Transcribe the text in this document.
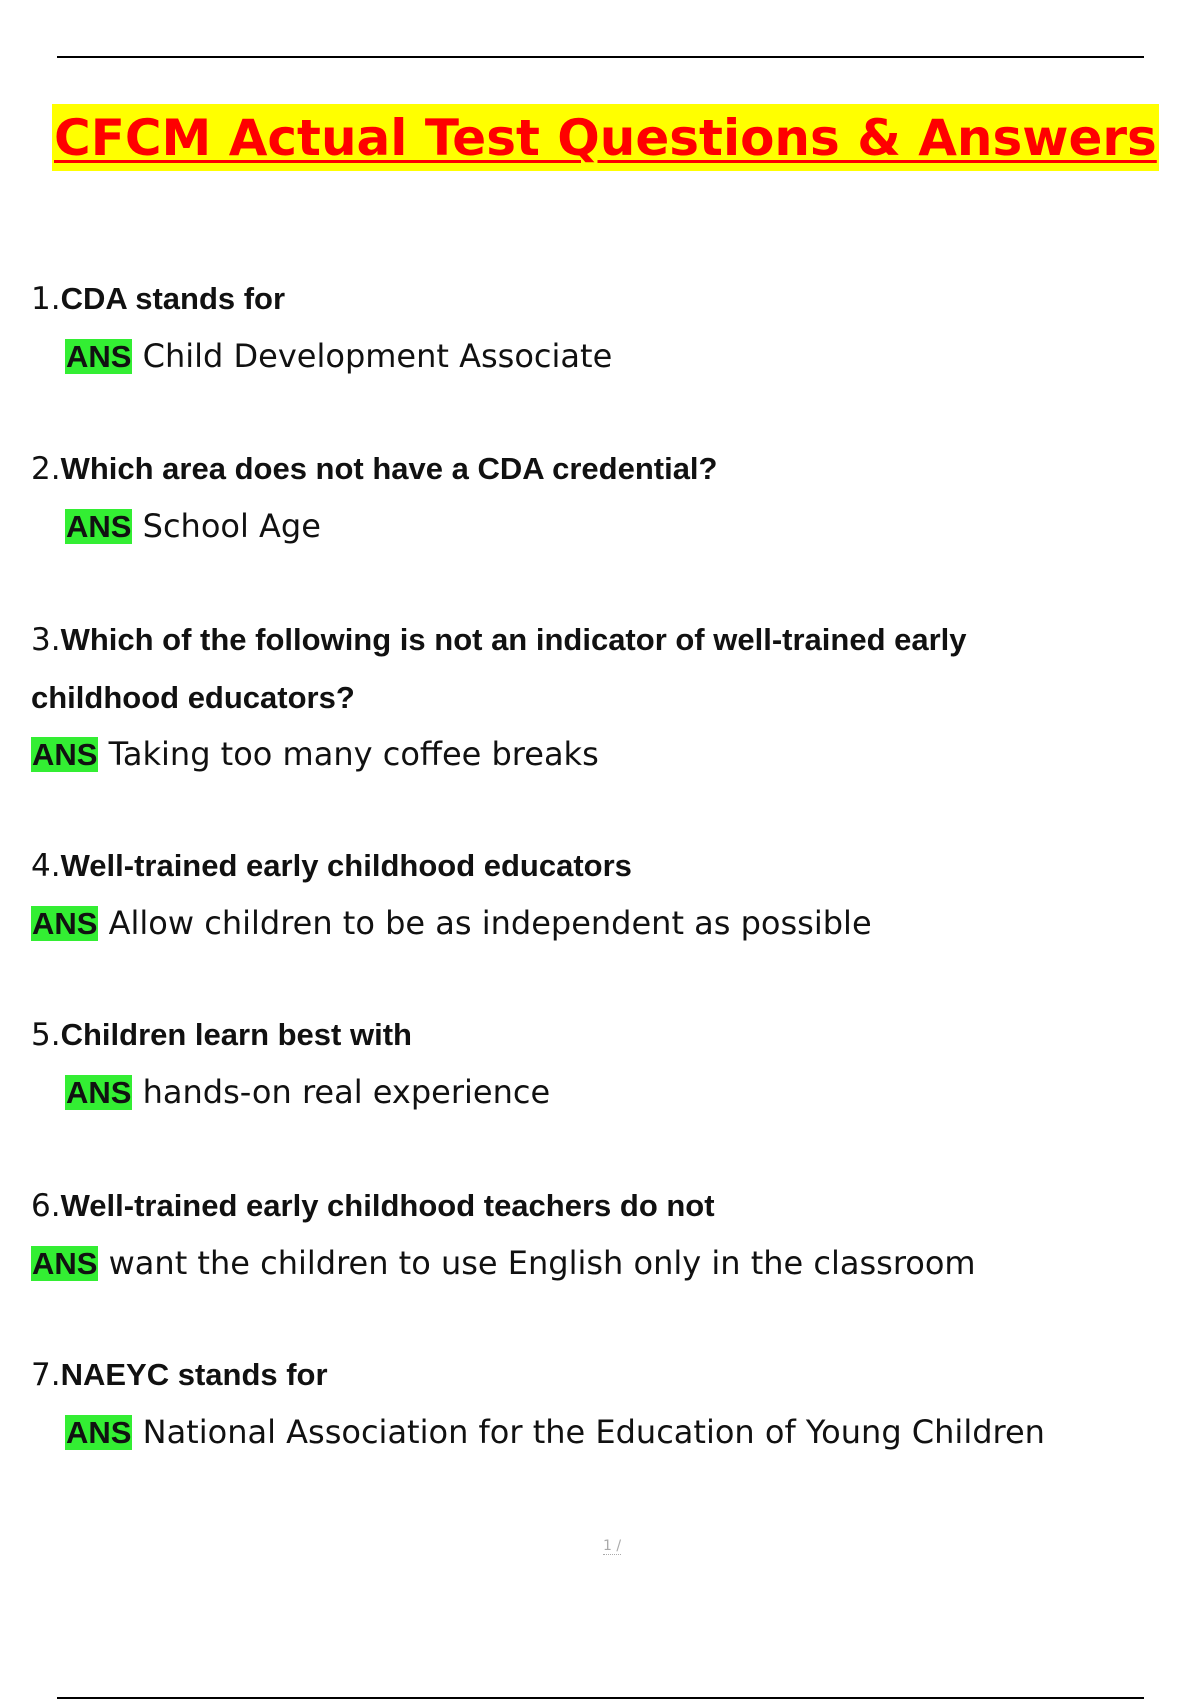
CFCM Actual Test Questions & Answers
1.CDA stands for
ANS Child Development Associate
2.Which area does not have a CDA credential?
ANS School Age
3.Which of the following is not an indicator of well-trained early
childhood educators?
ANS Taking too many coffee breaks
4.Well-trained early childhood educators
ANS Allow children to be as independent as possible
5.Children learn best with
ANS hands-on real experience
6.Well-trained early childhood teachers do not
ANS want the children to use English only in the classroom
7.NAEYC stands for
ANS National Association for the Education of Young Children
1 /
